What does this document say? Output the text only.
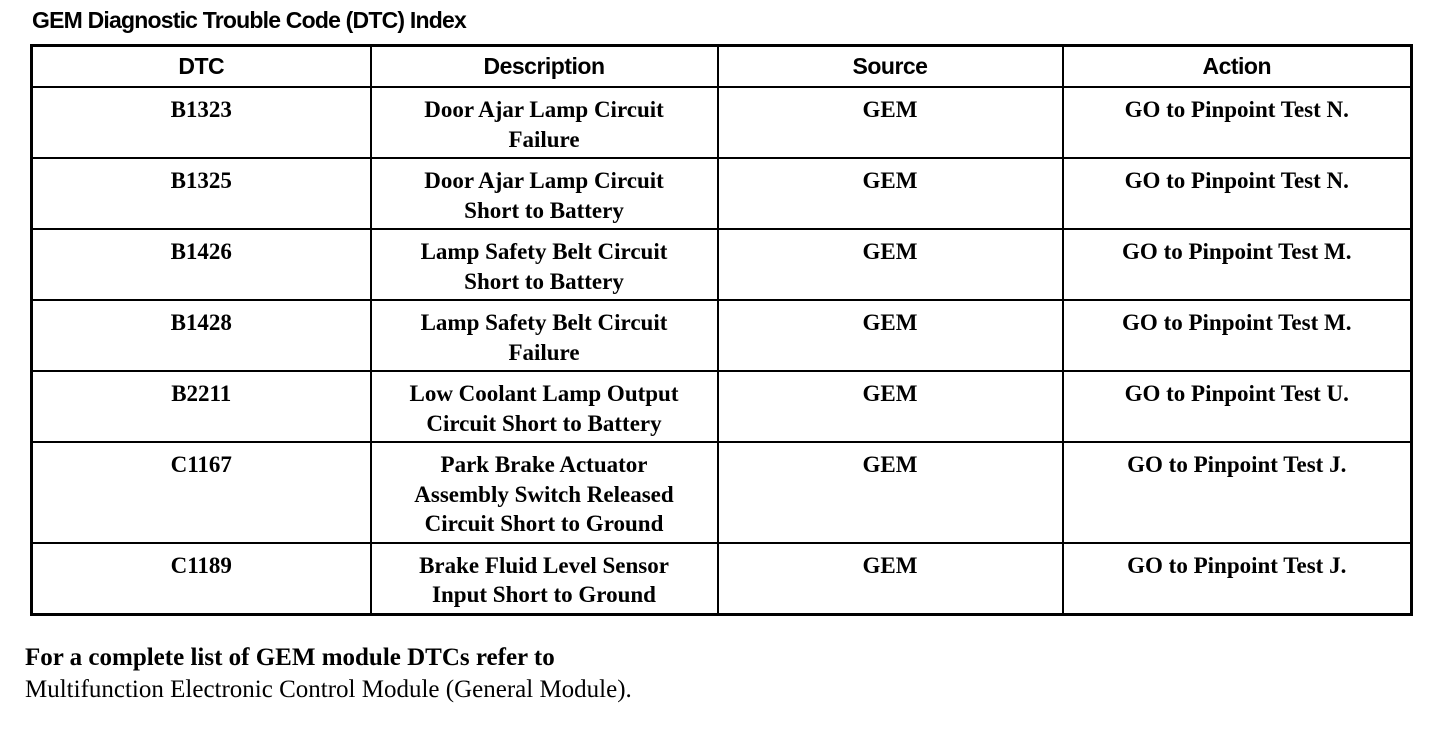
GEM Diagnostic Trouble Code (DTC) Index
DTC	Description	Source	Action
B1323	Door Ajar Lamp Circuit
Failure	GEM	GO to Pinpoint Test N.
B1325	Door Ajar Lamp Circuit
Short to Battery	GEM	GO to Pinpoint Test N.
B1426	Lamp Safety Belt Circuit
Short to Battery	GEM	GO to Pinpoint Test M.
B1428	Lamp Safety Belt Circuit
Failure	GEM	GO to Pinpoint Test M.
B2211	Low Coolant Lamp Output
Circuit Short to Battery	GEM	GO to Pinpoint Test U.
C1167	Park Brake Actuator
Assembly Switch Released
Circuit Short to Ground	GEM	GO to Pinpoint Test J.
C1189	Brake Fluid Level Sensor
Input Short to Ground	GEM	GO to Pinpoint Test J.
For a complete list of GEM module DTCs refer to
Multifunction Electronic Control Module (General Module).
